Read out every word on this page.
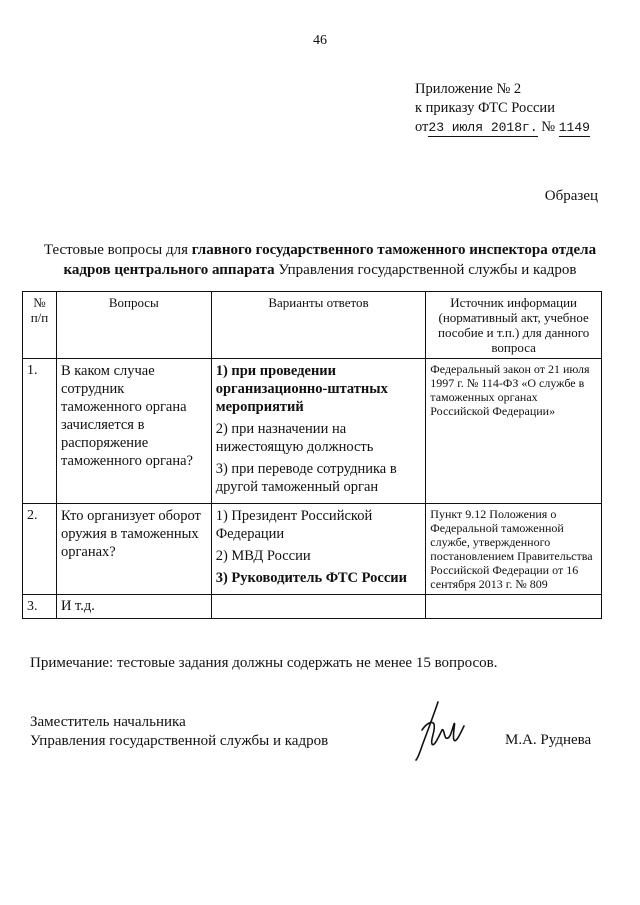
46
Приложение № 2
к приказу ФТС России
от23 июля 2018г. № 1149
Образец
Тестовые вопросы для главного государственного таможенного инспектора отдела кадров центрального аппарата Управления государственной службы и кадров
№ п/п	Вопросы	Варианты ответов	Источник информации (нормативный акт, учебное пособие и т.п.) для данного вопроса
1.	В каком случае сотрудник таможенного органа зачисляется в распоряжение таможенного органа?	1) при проведении организационно-штатных мероприятий
2) при назначении на нижестоящую должность
3) при переводе сотрудника в другой таможенный орган	Федеральный закон от 21 июля 1997 г. № 114-ФЗ «О службе в таможенных органах Российской Федерации»
2.	Кто организует оборот оружия в таможенных органах?	1) Президент Российской Федерации
2) МВД России
3) Руководитель ФТС России	Пункт 9.12 Положения о Федеральной таможенной службе, утвержденного постановлением Правительства Российской Федерации от 16 сентября 2013 г. № 809
3.	И т.д.		
Примечание: тестовые задания должны содержать не менее 15 вопросов.
Заместитель начальника
Управления государственной службы и кадров	М.А. Руднева
